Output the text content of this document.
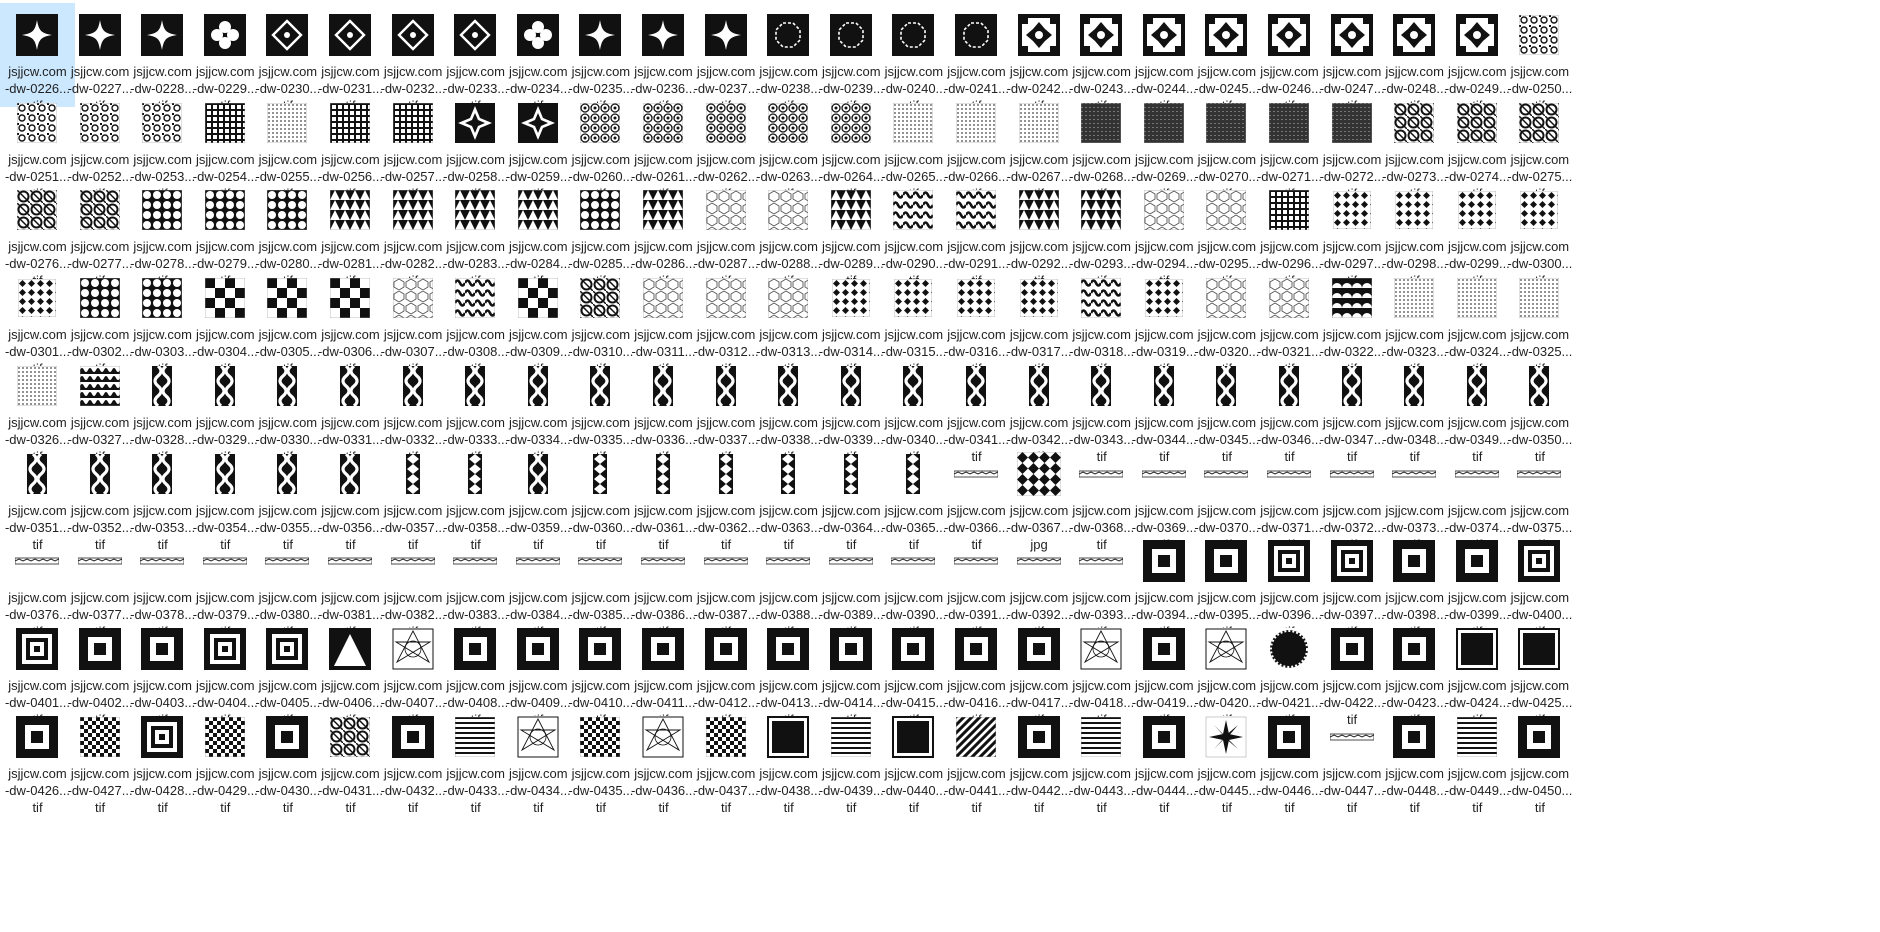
jsjjcw.com
-dw-0226...
jsjjcw.com
-dw-0227...
jsjjcw.com
-dw-0228...
jsjjcw.com
-dw-0229...
jsjjcw.com
-dw-0230...
jsjjcw.com
-dw-0231...
jsjjcw.com
-dw-0232...
jsjjcw.com
-dw-0233...
jsjjcw.com
-dw-0234...
jsjjcw.com
-dw-0235...
jsjjcw.com
-dw-0236...
jsjjcw.com
-dw-0237...
jsjjcw.com
-dw-0238...
jsjjcw.com
-dw-0239...
jsjjcw.com
-dw-0240...
jsjjcw.com
-dw-0241...
jsjjcw.com
-dw-0242...
jsjjcw.com
-dw-0243...
jsjjcw.com
-dw-0244...
jsjjcw.com
-dw-0245...
jsjjcw.com
-dw-0246...
jsjjcw.com
-dw-0247...
jsjjcw.com
-dw-0248...
jsjjcw.com
-dw-0249...
jsjjcw.com
-dw-0250...
jsjjcw.com
-dw-0251...
jsjjcw.com
-dw-0252...
jsjjcw.com
-dw-0253...
jsjjcw.com
-dw-0254...
jsjjcw.com
-dw-0255...
jsjjcw.com
-dw-0256...
jsjjcw.com
-dw-0257...
jsjjcw.com
-dw-0258...
jsjjcw.com
-dw-0259...
jsjjcw.com
-dw-0260...
jsjjcw.com
-dw-0261...
jsjjcw.com
-dw-0262...
jsjjcw.com
-dw-0263...
jsjjcw.com
-dw-0264...
jsjjcw.com
-dw-0265...
jsjjcw.com
-dw-0266...
jsjjcw.com
-dw-0267...
jsjjcw.com
-dw-0268...
jsjjcw.com
-dw-0269...
jsjjcw.com
-dw-0270...
jsjjcw.com
-dw-0271...
jsjjcw.com
-dw-0272...
jsjjcw.com
-dw-0273...
jsjjcw.com
-dw-0274...
jsjjcw.com
-dw-0275...
jsjjcw.com
-dw-0276...
jsjjcw.com
-dw-0277...
jsjjcw.com
-dw-0278...
jsjjcw.com
-dw-0279...
jsjjcw.com
-dw-0280...
jsjjcw.com
-dw-0281...
jsjjcw.com
-dw-0282...
jsjjcw.com
-dw-0283...
jsjjcw.com
-dw-0284...
jsjjcw.com
-dw-0285...
jsjjcw.com
-dw-0286...
jsjjcw.com
-dw-0287...
jsjjcw.com
-dw-0288...
jsjjcw.com
-dw-0289...
jsjjcw.com
-dw-0290...
jsjjcw.com
-dw-0291...
jsjjcw.com
-dw-0292...
jsjjcw.com
-dw-0293...
jsjjcw.com
-dw-0294...
jsjjcw.com
-dw-0295...
jsjjcw.com
-dw-0296...
jsjjcw.com
-dw-0297...
jsjjcw.com
-dw-0298...
jsjjcw.com
-dw-0299...
jsjjcw.com
-dw-0300...
jsjjcw.com
-dw-0301...
jsjjcw.com
-dw-0302...
jsjjcw.com
-dw-0303...
jsjjcw.com
-dw-0304...
jsjjcw.com
-dw-0305...
jsjjcw.com
-dw-0306...
jsjjcw.com
-dw-0307...
jsjjcw.com
-dw-0308...
jsjjcw.com
-dw-0309...
jsjjcw.com
-dw-0310...
jsjjcw.com
-dw-0311...
jsjjcw.com
-dw-0312...
jsjjcw.com
-dw-0313...
jsjjcw.com
-dw-0314...
jsjjcw.com
-dw-0315...
jsjjcw.com
-dw-0316...
jsjjcw.com
-dw-0317...
jsjjcw.com
-dw-0318...
jsjjcw.com
-dw-0319...
jsjjcw.com
-dw-0320...
jsjjcw.com
-dw-0321...
jsjjcw.com
-dw-0322...
jsjjcw.com
-dw-0323...
jsjjcw.com
-dw-0324...
jsjjcw.com
-dw-0325...
jsjjcw.com
-dw-0326...
jsjjcw.com
-dw-0327...
jsjjcw.com
-dw-0328...
jsjjcw.com
-dw-0329...
jsjjcw.com
-dw-0330...
jsjjcw.com
-dw-0331...
jsjjcw.com
-dw-0332...
jsjjcw.com
-dw-0333...
jsjjcw.com
-dw-0334...
jsjjcw.com
-dw-0335...
jsjjcw.com
-dw-0336...
jsjjcw.com
-dw-0337...
jsjjcw.com
-dw-0338...
jsjjcw.com
-dw-0339...
jsjjcw.com
-dw-0340...
jsjjcw.com
-dw-0341...
tif
jsjjcw.com
-dw-0342...
jsjjcw.com
-dw-0343...
tif
jsjjcw.com
-dw-0344...
tif
jsjjcw.com
-dw-0345...
tif
jsjjcw.com
-dw-0346...
tif
jsjjcw.com
-dw-0347...
tif
jsjjcw.com
-dw-0348...
tif
jsjjcw.com
-dw-0349...
tif
jsjjcw.com
-dw-0350...
tif
jsjjcw.com
-dw-0351...
tif
jsjjcw.com
-dw-0352...
tif
jsjjcw.com
-dw-0353...
tif
jsjjcw.com
-dw-0354...
tif
jsjjcw.com
-dw-0355...
tif
jsjjcw.com
-dw-0356...
tif
jsjjcw.com
-dw-0357...
tif
jsjjcw.com
-dw-0358...
tif
jsjjcw.com
-dw-0359...
tif
jsjjcw.com
-dw-0360...
tif
jsjjcw.com
-dw-0361...
tif
jsjjcw.com
-dw-0362...
tif
jsjjcw.com
-dw-0363...
tif
jsjjcw.com
-dw-0364...
tif
jsjjcw.com
-dw-0365...
tif
jsjjcw.com
-dw-0366...
tif
jsjjcw.com
-dw-0367...
jpg
jsjjcw.com
-dw-0368...
tif
jsjjcw.com
-dw-0369...
jsjjcw.com
-dw-0370...
jsjjcw.com
-dw-0371...
jsjjcw.com
-dw-0372...
jsjjcw.com
-dw-0373...
jsjjcw.com
-dw-0374...
jsjjcw.com
-dw-0375...
jsjjcw.com
-dw-0376...
jsjjcw.com
-dw-0377...
jsjjcw.com
-dw-0378...
jsjjcw.com
-dw-0379...
jsjjcw.com
-dw-0380...
jsjjcw.com
-dw-0381...
jsjjcw.com
-dw-0382...
jsjjcw.com
-dw-0383...
jsjjcw.com
-dw-0384...
jsjjcw.com
-dw-0385...
jsjjcw.com
-dw-0386...
jsjjcw.com
-dw-0387...
jsjjcw.com
-dw-0388...
jsjjcw.com
-dw-0389...
jsjjcw.com
-dw-0390...
jsjjcw.com
-dw-0391...
jsjjcw.com
-dw-0392...
jsjjcw.com
-dw-0393...
jsjjcw.com
-dw-0394...
jsjjcw.com
-dw-0395...
jsjjcw.com
-dw-0396...
jsjjcw.com
-dw-0397...
jsjjcw.com
-dw-0398...
jsjjcw.com
-dw-0399...
jsjjcw.com
-dw-0400...
jsjjcw.com
-dw-0401...
jsjjcw.com
-dw-0402...
jsjjcw.com
-dw-0403...
jsjjcw.com
-dw-0404...
jsjjcw.com
-dw-0405...
jsjjcw.com
-dw-0406...
jsjjcw.com
-dw-0407...
jsjjcw.com
-dw-0408...
jsjjcw.com
-dw-0409...
jsjjcw.com
-dw-0410...
jsjjcw.com
-dw-0411...
jsjjcw.com
-dw-0412...
jsjjcw.com
-dw-0413...
jsjjcw.com
-dw-0414...
jsjjcw.com
-dw-0415...
jsjjcw.com
-dw-0416...
jsjjcw.com
-dw-0417...
jsjjcw.com
-dw-0418...
jsjjcw.com
-dw-0419...
jsjjcw.com
-dw-0420...
jsjjcw.com
-dw-0421...
jsjjcw.com
-dw-0422...
tif
jsjjcw.com
-dw-0423...
jsjjcw.com
-dw-0424...
jsjjcw.com
-dw-0425...
jsjjcw.com
-dw-0426...
tif
jsjjcw.com
-dw-0427...
tif
jsjjcw.com
-dw-0428...
tif
jsjjcw.com
-dw-0429...
tif
jsjjcw.com
-dw-0430...
tif
jsjjcw.com
-dw-0431...
tif
jsjjcw.com
-dw-0432...
tif
jsjjcw.com
-dw-0433...
tif
jsjjcw.com
-dw-0434...
tif
jsjjcw.com
-dw-0435...
tif
jsjjcw.com
-dw-0436...
tif
jsjjcw.com
-dw-0437...
tif
jsjjcw.com
-dw-0438...
tif
jsjjcw.com
-dw-0439...
tif
jsjjcw.com
-dw-0440...
tif
jsjjcw.com
-dw-0441...
tif
jsjjcw.com
-dw-0442...
tif
jsjjcw.com
-dw-0443...
tif
jsjjcw.com
-dw-0444...
tif
jsjjcw.com
-dw-0445...
tif
jsjjcw.com
-dw-0446...
tif
jsjjcw.com
-dw-0447...
tif
jsjjcw.com
-dw-0448...
tif
jsjjcw.com
-dw-0449...
tif
jsjjcw.com
-dw-0450...
tif
